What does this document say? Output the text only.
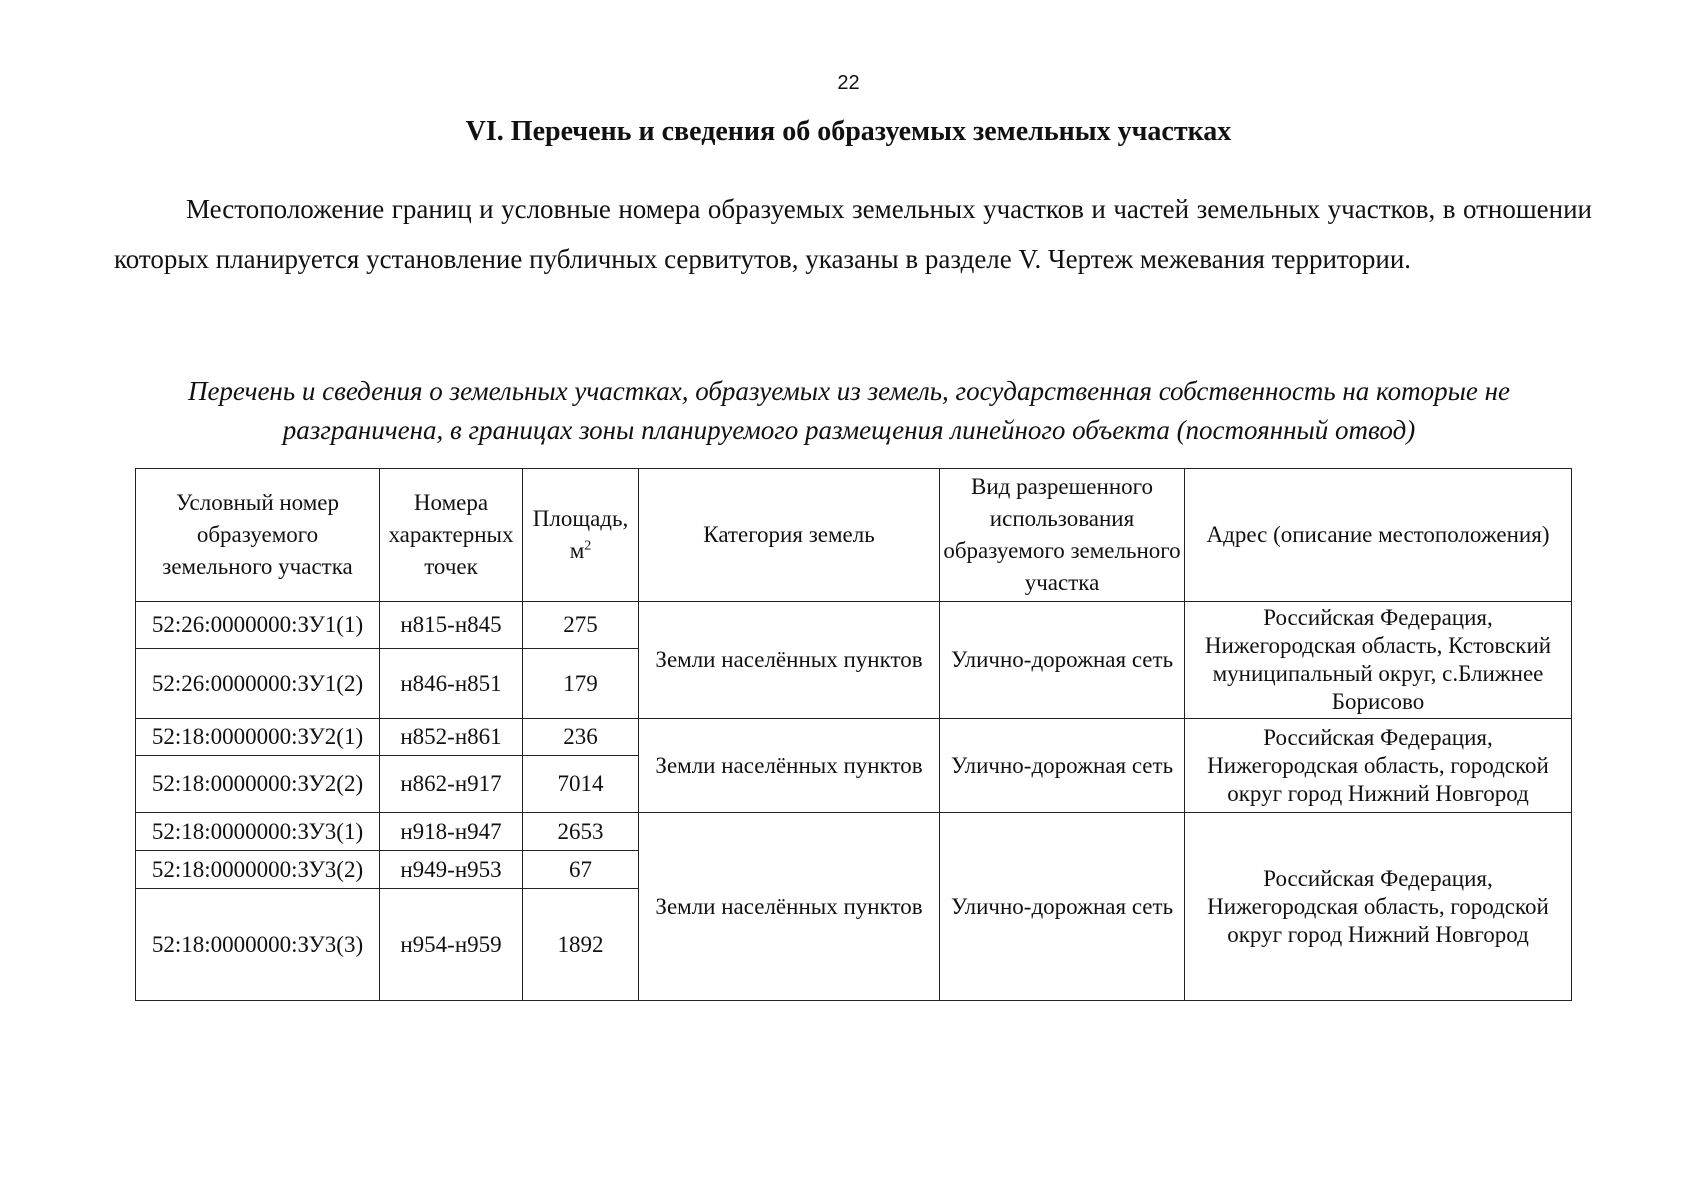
22
VI. Перечень и сведения об образуемых земельных участках

Местоположение границ и условные номера образуемых земельных участков и частей земельных участков, в отношении которых планируется установление публичных сервитутов, указаны в разделе V. Чертеж межевания территории.

Перечень и сведения о земельных участках, образуемых из земель, государственная собственность на которые не разграничена, в границах зоны планируемого размещения линейного объекта (постоянный отвод)

Условный номер образуемого земельного участка	Номера характерных точек	Площадь, $м^2$	Категория земель	Вид разрешенного использования образуемого земельного участка	Адрес (описание местоположения)
52:26:0000000:ЗУ1(1)	н815-н845	275	Земли населённых пунктов	Улично-дорожная сеть	Российская Федерация, Нижегородская область, Кстовский муниципальный округ, с.Ближнее Борисово
52:26:0000000:ЗУ1(2)	н846-н851	179			
52:18:0000000:ЗУ2(1)	н852-н861	236	Земли населённых пунктов	Улично-дорожная сеть	Российская Федерация, Нижегородская область, городской округ город Нижний Новгород
52:18:0000000:ЗУ2(2)	н862-н917	7014			
52:18:0000000:ЗУ3(1)	н918-н947	2653	Земли населённых пунктов	Улично-дорожная сеть	Российская Федерация, Нижегородская область, городской округ город Нижний Новгород
52:18:0000000:ЗУ3(2)	н949-н953	67			
52:18:0000000:ЗУ3(3)	н954-н959	1892			
